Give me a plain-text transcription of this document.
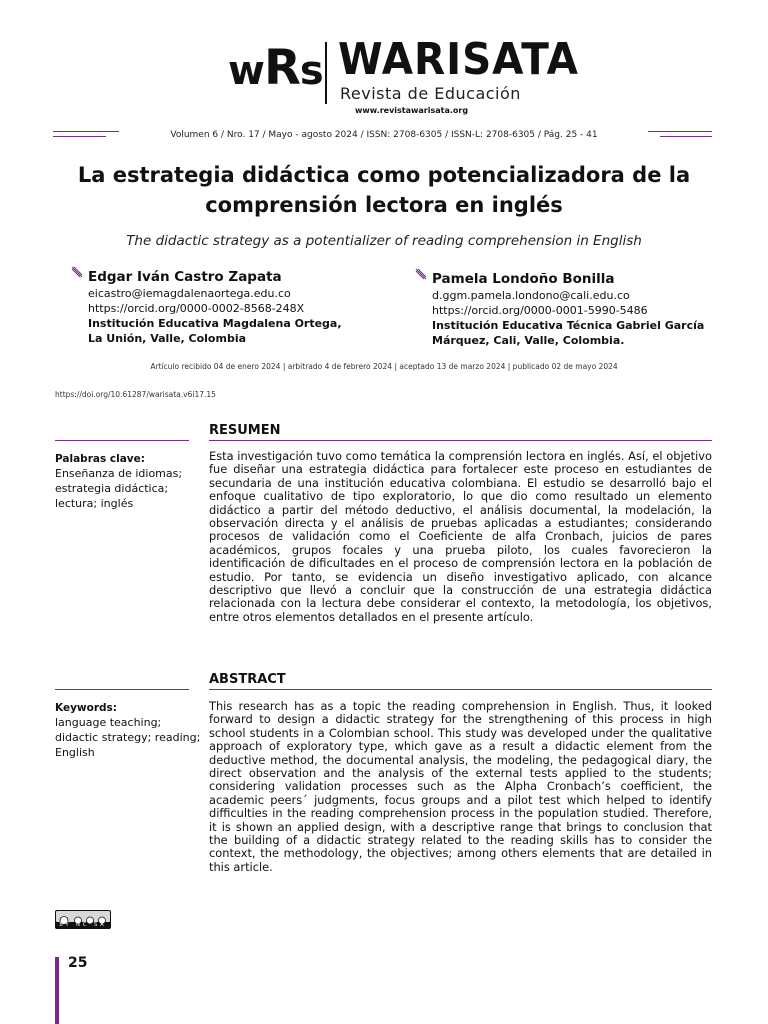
wRs WARISATA
Revista de Educación
www.revistawarisata.org
Volumen 6 / Nro. 17 / Mayo - agosto 2024 / ISSN: 2708-6305 / ISSN-L: 2708-6305 / Pág. 25 - 41
La estrategia didáctica como potencializadora de la comprensión lectora en inglés
The didactic strategy as a potentializer of reading comprehension in English
Edgar Iván Castro Zapata
eicastro@iemagdalenaortega.edu.co
https://orcid.org/0000-0002-8568-248X
Institución Educativa Magdalena Ortega,
La Unión, Valle, Colombia
Pamela Londoño Bonilla
d.ggm.pamela.londono@cali.edu.co
https://orcid.org/0000-0001-5990-5486
Institución Educativa Técnica Gabriel García
Márquez, Cali, Valle, Colombia.
Artículo recibido 04 de enero 2024 | arbitrado 4 de febrero 2024 | aceptado 13 de marzo 2024 | publicado 02 de mayo 2024
https://doi.org/10.61287/warisata.v6i17.15
RESUMEN
Palabras clave:
Enseñanza de idiomas; estrategia didáctica; lectura; inglés
Esta investigación tuvo como temática la comprensión lectora en inglés. Así, el objetivo fue diseñar una estrategia didáctica para fortalecer este proceso en estudiantes de secundaria de una institución educativa colombiana. El estudio se desarrolló bajo el enfoque cualitativo de tipo exploratorio, lo que dio como resultado un elemento didáctico a partir del método deductivo, el análisis documental, la modelación, la observación directa y el análisis de pruebas aplicadas a estudiantes; considerando procesos de validación como el Coeficiente de alfa Cronbach, juicios de pares académicos, grupos focales y una prueba piloto, los cuales favorecieron la identificación de dificultades en el proceso de comprensión lectora en la población de estudio. Por tanto, se evidencia un diseño investigativo aplicado, con alcance descriptivo que llevó a concluir que la construcción de una estrategia didáctica relacionada con la lectura debe considerar el contexto, la metodología, los objetivos, entre otros elementos detallados en el presente artículo.
ABSTRACT
Keywords:
language teaching; didactic strategy; reading; English
This research has as a topic the reading comprehension in English. Thus, it looked forward to design a didactic strategy for the strengthening of this process in high school students in a Colombian school. This study was developed under the qualitative approach of exploratory type, which gave as a result a didactic element from the deductive method, the documental analysis, the modeling, the pedagogical diary, the direct observation and the analysis of the external tests applied to the students; considering validation processes such as the Alpha Cronbach’s coefficient, the academic peers´ judgments, focus groups and a pilot test which helped to identify difficulties in the reading comprehension process in the population studied. Therefore, it is shown an applied design, with a descriptive range that brings to conclusion that the building of a didactic strategy related to the reading skills has to consider the context, the methodology, the objectives; among others elements that are detailed in this article.
BY NC SA
25
